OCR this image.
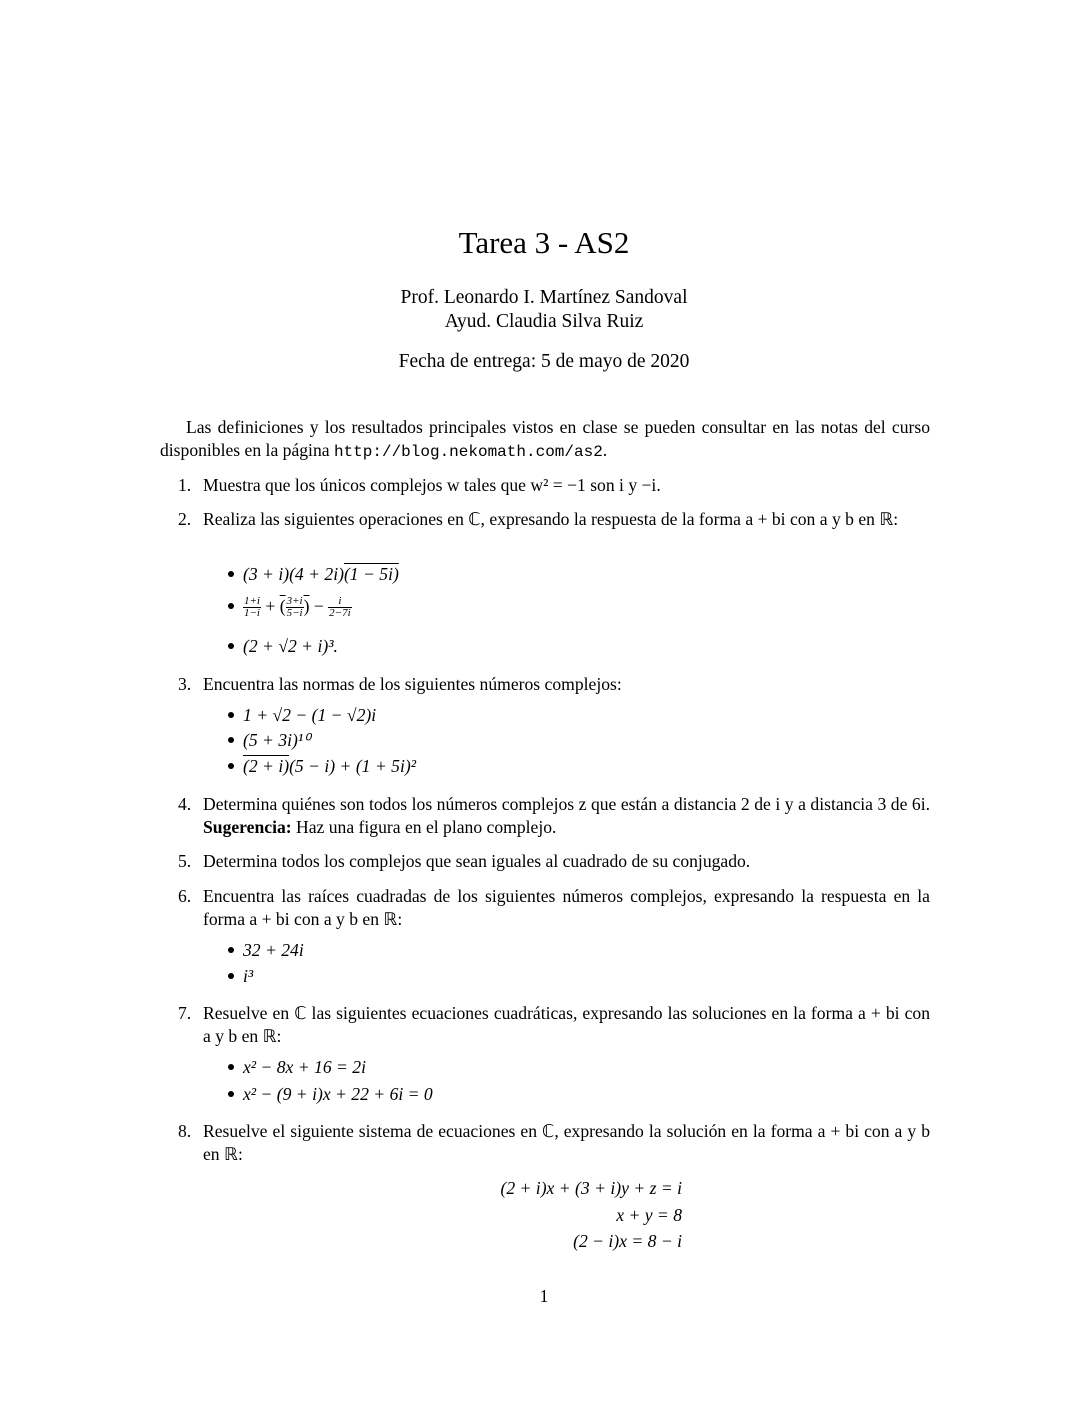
Tarea 3 - AS2
Prof. Leonardo I. Martínez Sandoval
Ayud. Claudia Silva Ruiz
Fecha de entrega: 5 de mayo de 2020
Las definiciones y los resultados principales vistos en clase se pueden consultar en las notas del curso disponibles en la página http://blog.nekomath.com/as2.
1. Muestra que los únicos complejos w tales que w² = −1 son i y −i.
2. Realiza las siguientes operaciones en ℂ, expresando la respuesta de la forma a + bi con a y b en ℝ:
(3 + i)(4 + 2i)(1 − 5i)
$\frac{1+i}{1-i}$ + ( $\frac{3+i}{5-i}$ ) − $\frac{i}{2-7i}$
(2 + √2 + i)³.
3. Encuentra las normas de los siguientes números complejos:
1 + √2 − (1 − √2)i
(5 + 3i)¹⁰
(2 + i)(5 − i) + (1 + 5i)²
4. Determina quiénes son todos los números complejos z que están a distancia 2 de i y a distancia 3 de 6i. Sugerencia: Haz una figura en el plano complejo.
5. Determina todos los complejos que sean iguales al cuadrado de su conjugado.
6. Encuentra las raíces cuadradas de los siguientes números complejos, expresando la respuesta en la forma a + bi con a y b en ℝ:
32 + 24i
i³
7. Resuelve en ℂ las siguientes ecuaciones cuadráticas, expresando las soluciones en la forma a + bi con a y b en ℝ:
x² − 8x + 16 = 2i
x² − (9 + i)x + 22 + 6i = 0
8. Resuelve el siguiente sistema de ecuaciones en ℂ, expresando la solución en la forma a + bi con a y b en ℝ:
(2 + i)x + (3 + i)y + z = i
x + y = 8
(2 − i)x = 8 − i
1
